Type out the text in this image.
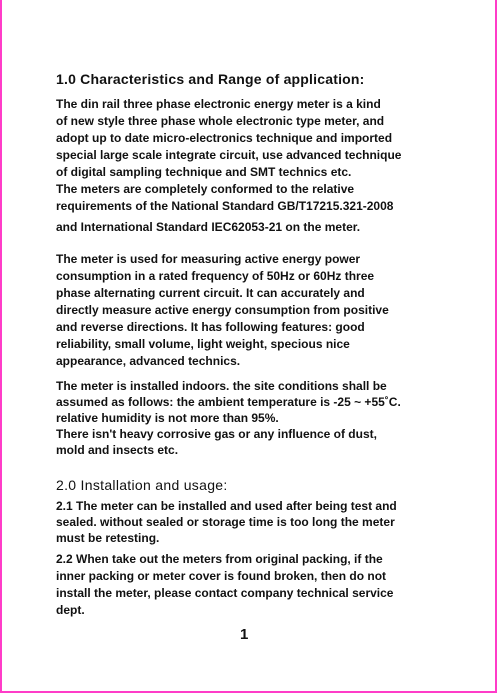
1.0 Characteristics and Range of application:
The din rail three phase electronic energy meter is a kind
of new style three phase whole electronic type meter, and
adopt up to date micro-electronics technique and imported
special large scale integrate circuit, use advanced technique
of digital sampling technique and SMT technics etc.
The meters are completely conformed to the relative
requirements of the National Standard GB/T17215.321-2008
and International Standard IEC62053-21 on the meter.
The meter is used for measuring active energy power
consumption in a rated frequency of 50Hz or 60Hz three
phase alternating current circuit. It can accurately and
directly measure active energy consumption from positive
and reverse directions. It has following features: good
reliability, small volume, light weight, specious nice
appearance, advanced technics.
The meter is installed indoors. the site conditions shall be
assumed as follows: the ambient temperature is -25 ~ +55˚C.
relative humidity is not more than 95%.
There isn't heavy corrosive gas or any influence of dust,
mold and insects etc.
2.0 Installation and usage:
2.1 The meter can be installed and used after being test and
sealed. without sealed or storage time is too long the meter
must be retesting.
2.2 When take out the meters from original packing, if the
inner packing or meter cover is found broken, then do not
install the meter, please contact company technical service
dept.
1
